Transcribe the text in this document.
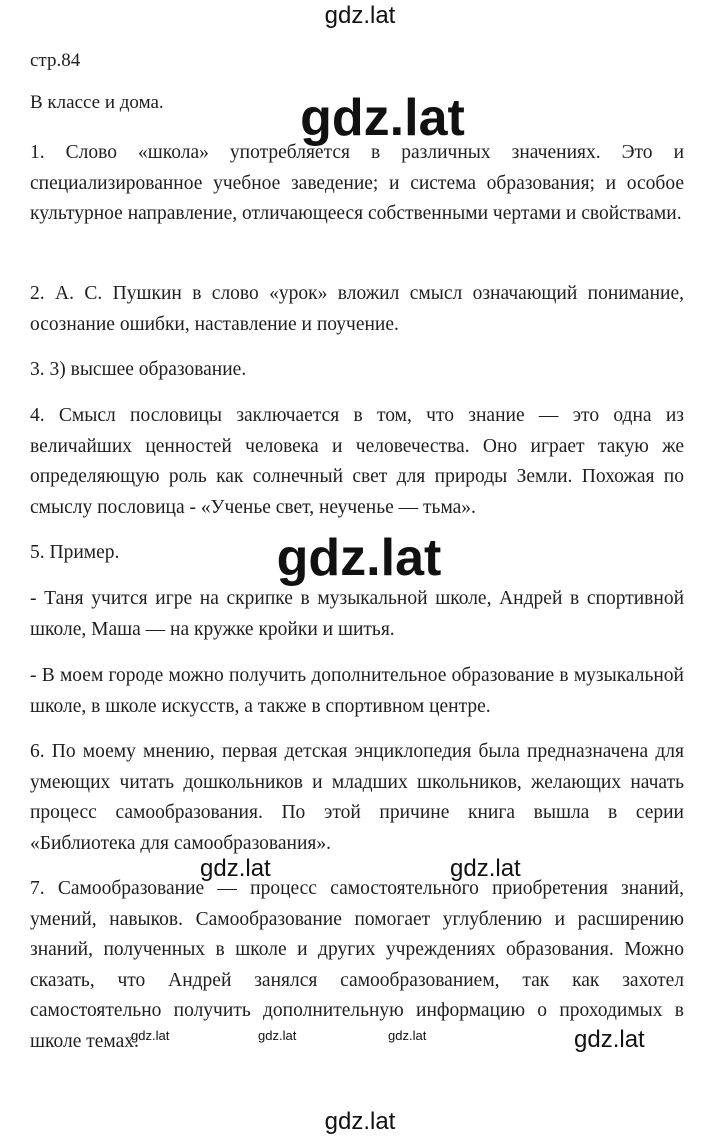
gdz.lat
стр.84
В классе и дома.

1. Слово «школа» употребляется в различных значениях. Это и специализированное учебное заведение; и система образования; и особое культурное направление, отличающееся собственными чертами и свойствами.

2. А. С. Пушкин в слово «урок» вложил смысл означающий понимание, осознание ошибки, наставление и поучение.

3. 3) высшее образование.

4. Смысл пословицы заключается в том, что знание — это одна из величайших ценностей человека и человечества. Оно играет такую же определяющую роль как солнечный свет для природы Земли. Похожая по смыслу пословица - «Ученье свет, неученье — тьма».

5. Пример.

- Таня учится игре на скрипке в музыкальной школе, Андрей в спортивной школе, Маша — на кружке кройки и шитья.

- В моем городе можно получить дополнительное образование в музыкальной школе, в школе искусств, а также в спортивном центре.

6. По моему мнению, первая детская энциклопедия была предназначена для умеющих читать дошкольников и младших школьников, желающих начать процесс самообразования. По этой причине книга вышла в серии «Библиотека для самообразования».

7. Самообразование — процесс самостоятельного приобретения знаний, умений, навыков. Самообразование помогает углублению и расширению знаний, полученных в школе и других учреждениях образования. Можно сказать, что Андрей занялся самообразованием, так как захотел самостоятельно получить дополнительную информацию о проходимых в школе темах.

gdz.lat
gdz.lat
gdz.lat	gdz.lat
gdz.lat	gdz.lat	gdz.lat	gdz.lat
gdz.lat
